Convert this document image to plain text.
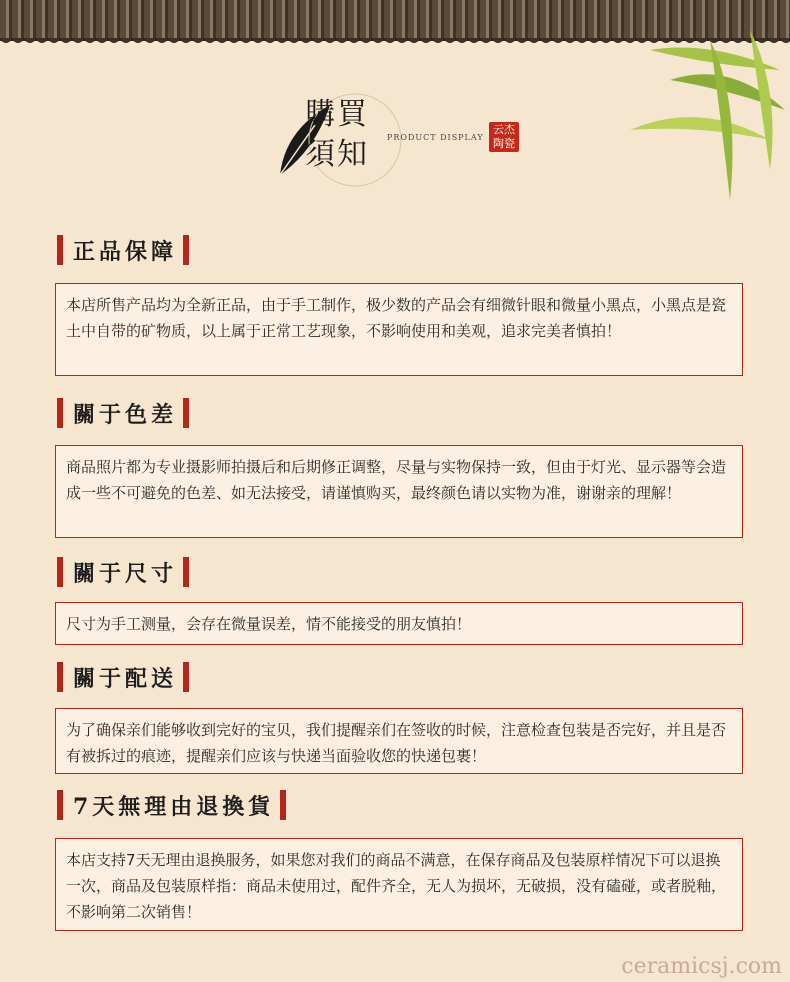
購買
須知	PRODUCT DISPLAY
云杰陶瓷
正品保障
本店所售产品均为全新正品，由于手工制作，极少数的产品会有细微针眼和微量小黑点，小黑点是瓷土中自带的矿物质，以上属于正常工艺现象，不影响使用和美观，追求完美者慎拍！
關于色差
商品照片都为专业摄影师拍摄后和后期修正调整，尽量与实物保持一致，但由于灯光、显示器等会造成一些不可避免的色差、如无法接受，请谨慎购买，最终颜色请以实物为准，谢谢亲的理解！
關于尺寸
尺寸为手工测量，会存在微量误差，情不能接受的朋友慎拍！
關于配送
为了确保亲们能够收到完好的宝贝，我们提醒亲们在签收的时候，注意检查包装是否完好，并且是否有被拆过的痕迹，提醒亲们应该与快递当面验收您的快递包裹！
7天無理由退換貨
本店支持7天无理由退换服务，如果您对我们的商品不满意，在保存商品及包装原样情况下可以退换一次，商品及包装原样指：商品未使用过，配件齐全，无人为损坏，无破损，没有磕碰，或者脱釉，不影响第二次销售！
ceramicsj.com
